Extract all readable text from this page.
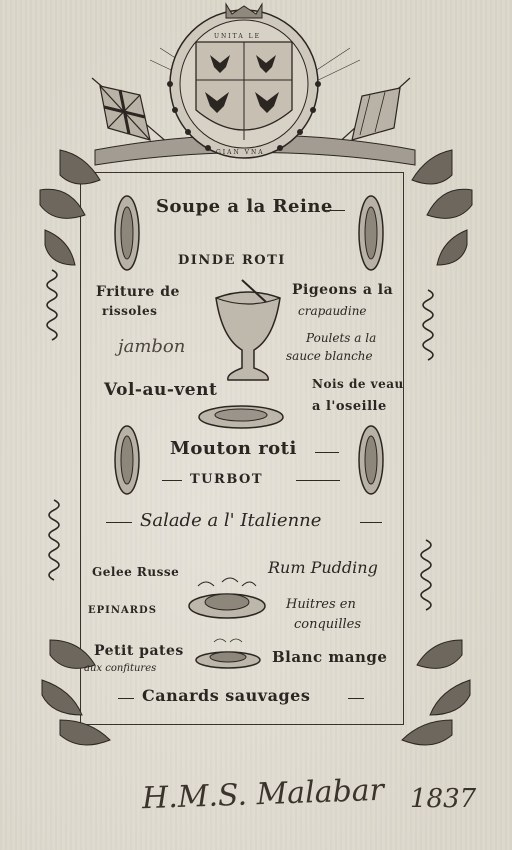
UNITA LE
GIAN VNA
Soupe a la Reine
DINDE ROTI
Friture de
rissoles
Pigeons a la
crapaudine
jambon	Poulets a la
sauce blanche
Vol-au-vent	Nois de veau
a l'oseille
Mouton roti
TURBOT
Salade a l' Italienne
Gelee Russe	Rum Pudding
EPINARDS	Huitres en
conquilles
Petit pates
aux confitures
Blanc mange
Canards sauvages
H.M.S. Malabar 1837
